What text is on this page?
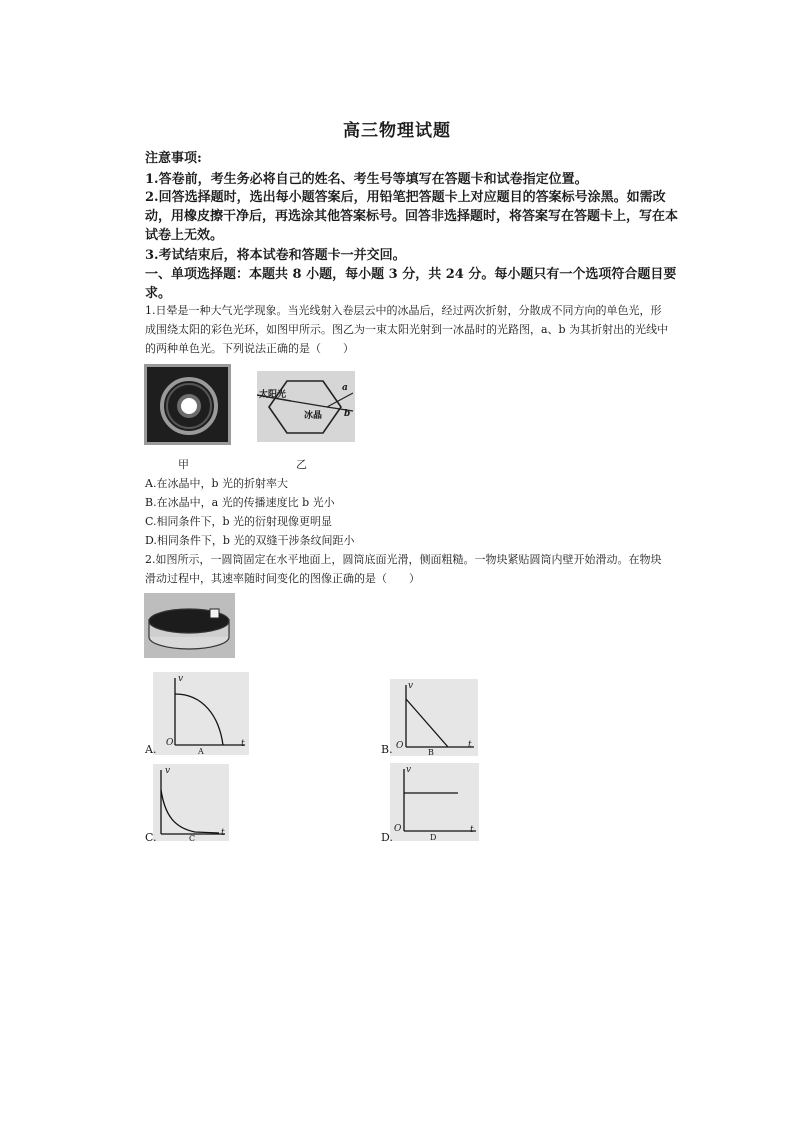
高三物理试题
注意事项:
1.答卷前，考生务必将自己的姓名、考生号等填写在答题卡和试卷指定位置。
2.回答选择题时，选出每小题答案后，用铅笔把答题卡上对应题目的答案标号涂黑。如需改
动，用橡皮擦干净后，再选涂其他答案标号。回答非选择题时，将答案写在答题卡上，写在本
试卷上无效。
3.考试结束后，将本试卷和答题卡一并交回。
一、单项选择题：本题共 8 小题，每小题 3 分，共 24 分。每小题只有一个选项符合题目要
求。
1.日晕是一种大气光学现象。当光线射入卷层云中的冰晶后，经过两次折射，分散成不同方向的单色光，形
成围绕太阳的彩色光环，如图甲所示。图乙为一束太阳光射到一冰晶时的光路图，a、b 为其折射出的光线中
的两种单色光。下列说法正确的是（　　）
甲
太阳光
冰晶
a
b
乙
A.在冰晶中，b 光的折射率大
B.在冰晶中，a 光的传播速度比 b 光小
C.相同条件下，b 光的衍射现像更明显
D.相同条件下，b 光的双缝干涉条纹间距小
2.如图所示，一圆筒固定在水平地面上，圆筒底面光滑，侧面粗糙。一物块紧贴圆筒内壁开始滑动。在物块
滑动过程中，其速率随时间变化的图像正确的是（　　）
v
t
O
A
A.
v
t
O
B
B.
v
t
C
C.
v
t
O
D
D.
